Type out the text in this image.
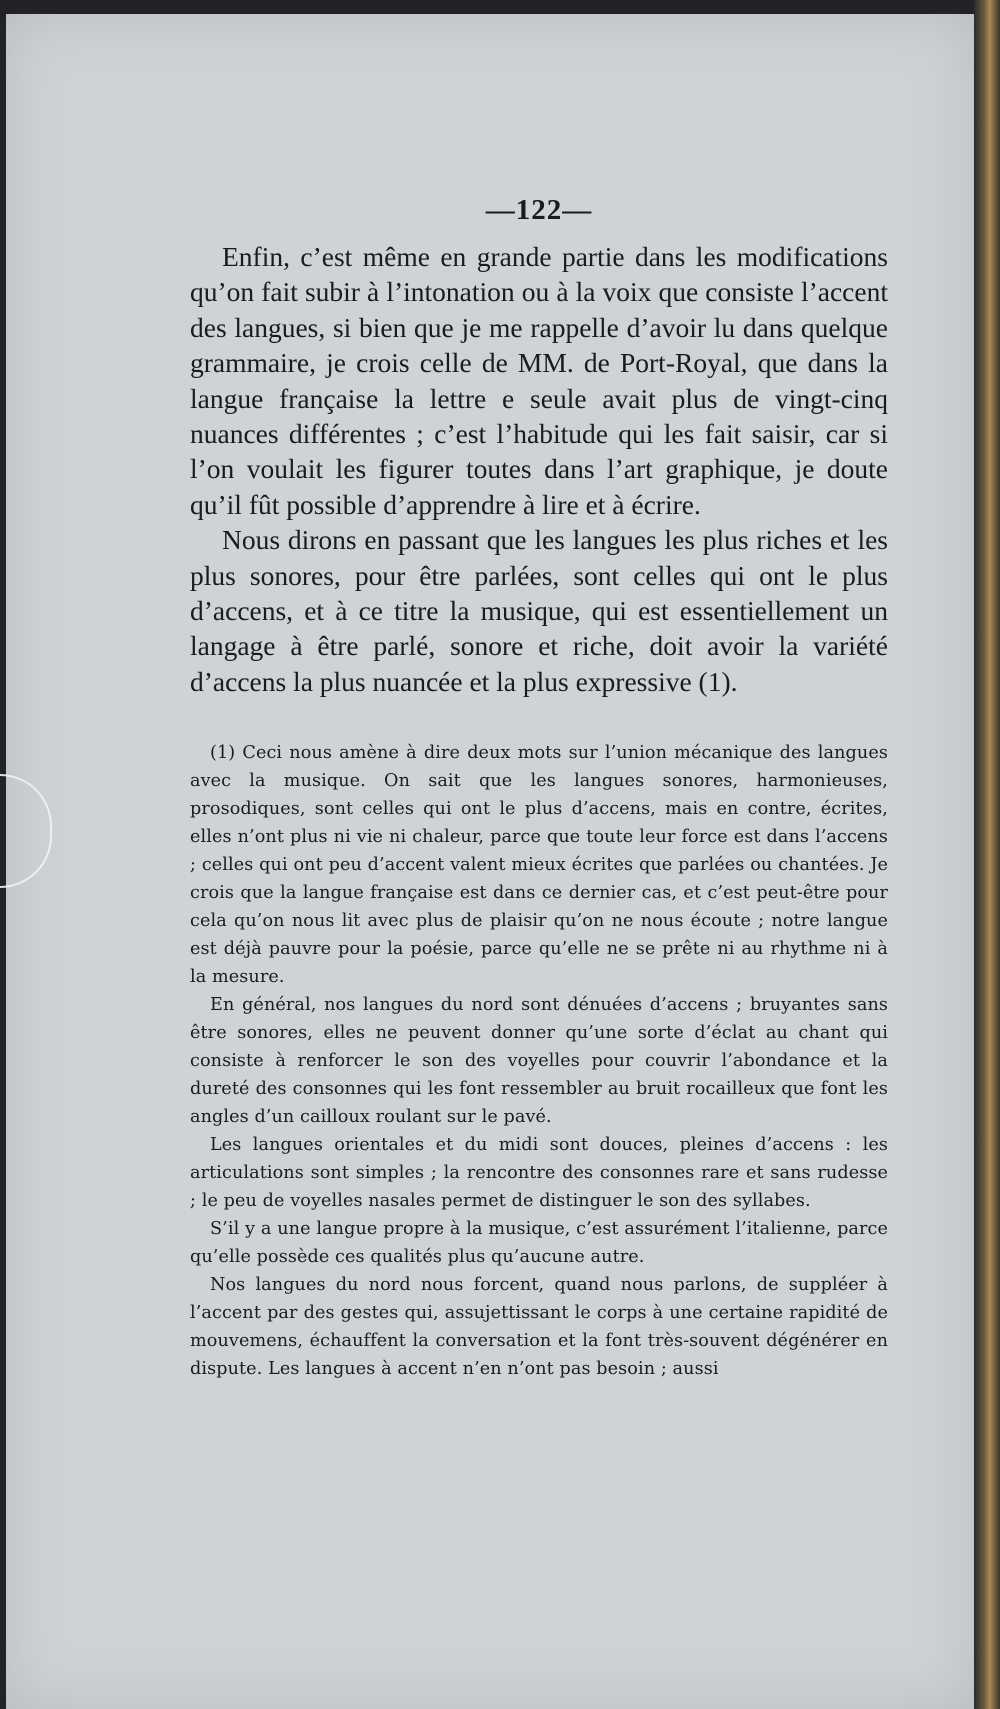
—122—

Enfin, c’est même en grande partie dans les modifications qu’on fait subir à l’intonation ou à la voix que consiste l’accent des langues, si bien que je me rappelle d’avoir lu dans quelque grammaire, je crois celle de MM. de Port-Royal, que dans la langue française la lettre e seule avait plus de vingt-cinq nuances différentes ; c’est l’habitude qui les fait saisir, car si l’on voulait les figurer toutes dans l’art graphique, je doute qu’il fût possible d’apprendre à lire et à écrire.

Nous dirons en passant que les langues les plus riches et les plus sonores, pour être parlées, sont celles qui ont le plus d’accens, et à ce titre la musique, qui est essentiellement un langage à être parlé, sonore et riche, doit avoir la variété d’accens la plus nuancée et la plus expressive (1).

(1) Ceci nous amène à dire deux mots sur l’union mécanique des langues avec la musique. On sait que les langues sonores, harmonieuses, prosodiques, sont celles qui ont le plus d’accens, mais en contre, écrites, elles n’ont plus ni vie ni chaleur, parce que toute leur force est dans l’accens ; celles qui ont peu d’accent valent mieux écrites que parlées ou chantées. Je crois que la langue française est dans ce dernier cas, et c’est peut-être pour cela qu’on nous lit avec plus de plaisir qu’on ne nous écoute ; notre langue est déjà pauvre pour la poésie, parce qu’elle ne se prête ni au rhythme ni à la mesure.

En général, nos langues du nord sont dénuées d’accens ; bruyantes sans être sonores, elles ne peuvent donner qu’une sorte d’éclat au chant qui consiste à renforcer le son des voyelles pour couvrir l’abondance et la dureté des consonnes qui les font ressembler au bruit rocailleux que font les angles d’un cailloux roulant sur le pavé.

Les langues orientales et du midi sont douces, pleines d’accens : les articulations sont simples ; la rencontre des consonnes rare et sans rudesse ; le peu de voyelles nasales permet de distinguer le son des syllabes.

S’il y a une langue propre à la musique, c’est assurément l’italienne, parce qu’elle possède ces qualités plus qu’aucune autre.

Nos langues du nord nous forcent, quand nous parlons, de suppléer à l’accent par des gestes qui, assujettissant le corps à une certaine rapidité de mouvemens, échauffent la conversation et la font très-souvent dégénérer en dispute. Les langues à accent n’en n’ont pas besoin ; aussi
